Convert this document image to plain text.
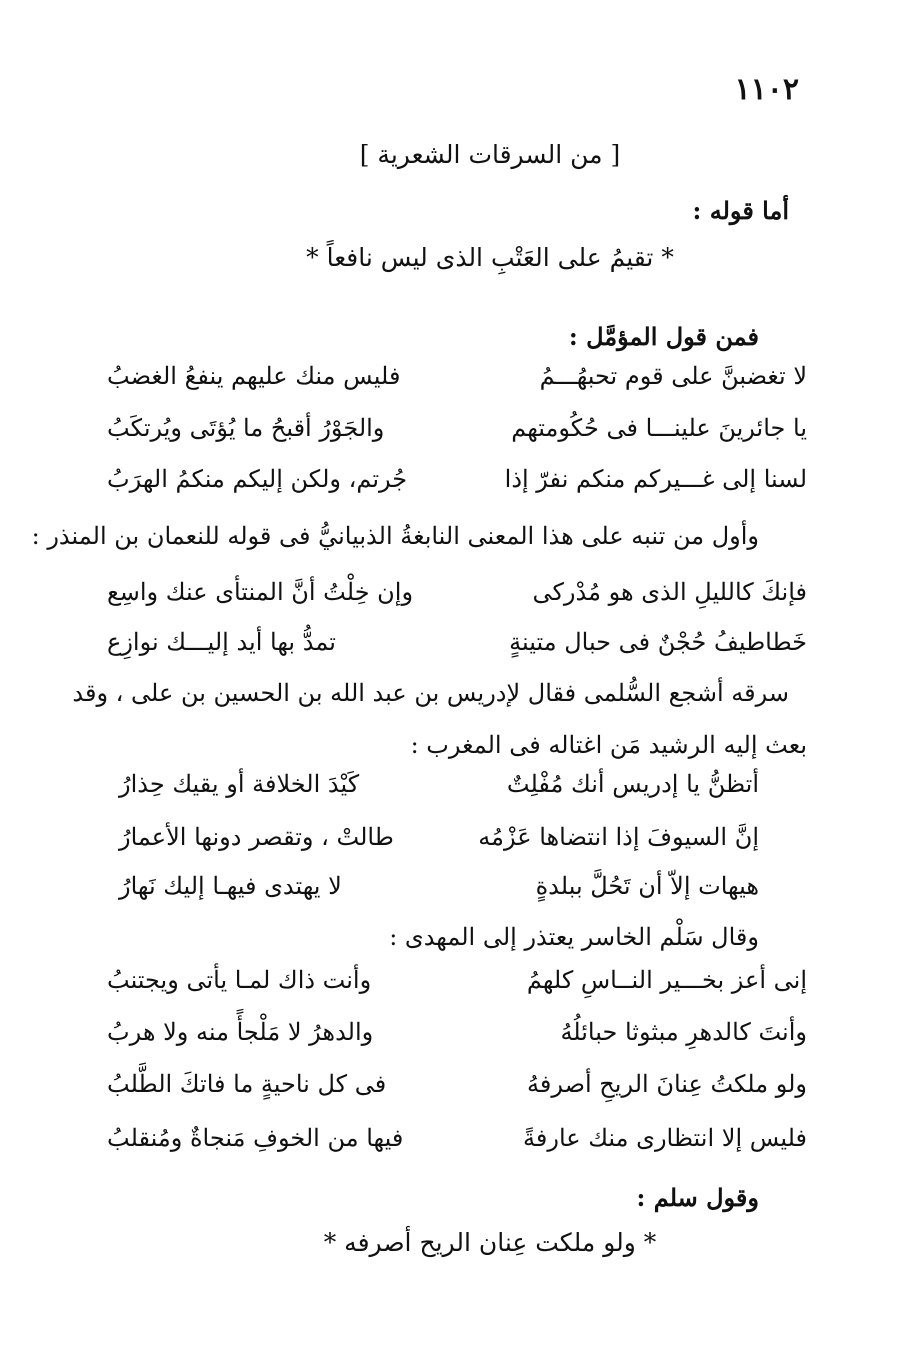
١١٠٢
[ من السرقات الشعرية ]
أما قوله :
* تقيمُ على العَتْبِ الذى ليس نافعاً *
فمن قول المؤمَّل :
لا تغضبنَّ على قوم تحبهُـــمُ
فليس منك عليهم ينفعُ الغضبُ
يا جائرينَ علينـــا فى حُكُومتهم
والجَوْرُ أقبحُ ما يُؤتَى ويُرتكَبُ
لسنا إلى غـــيركم منكم نفرّ إذا
جُرتم، ولكن إليكم منكمُ الهرَبُ
وأول من تنبه على هذا المعنى النابغةُ الذبيانيُّ فى قوله للنعمان بن المنذر :
فإنكَ كالليلِ الذى هو مُدْركى
وإن خِلْتُ أنَّ المنتأى عنك واسِع
خَطاطيفُ حُجْنٌ فى حبال متينةٍ
تمدُّ بها أيد إليـــك نوازِع
سرقه أشجع السُّلمى فقال لإدريس بن عبد الله بن الحسين بن على ، وقد
بعث إليه الرشيد مَن اغتاله فى المغرب :
أتظنُّ يا إدريس أنك مُفْلِتٌ
كَيْدَ الخلافة أو يقيك حِذارُ
إنَّ السيوفَ إذا انتضاها عَزْمُه
طالتْ ، وتقصر دونها الأعمارُ
هيهات إلاّ أن تَحُلَّ ببلدةٍ
لا يهتدى فيهـا إليك نَهارُ
وقال سَلْم الخاسر يعتذر إلى المهدى :
إنى أعز بخـــير النــاسِ كلهمُ
وأنت ذاك لمـا يأتى ويجتنبُ
وأنتَ كالدهرِ مبثوثا حبائلُهُ
والدهرُ لا مَلْجأً منه ولا هربُ
ولو ملكتُ عِنانَ الريحِ أصرفهُ
فى كل ناحيةٍ ما فاتكَ الطَّلبُ
فليس إلا انتظارى منك عارفةً
فيها من الخوفِ مَنجاةٌ ومُنقلبُ
وقول سلم :
* ولو ملكت عِنان الريح أصرفه *
